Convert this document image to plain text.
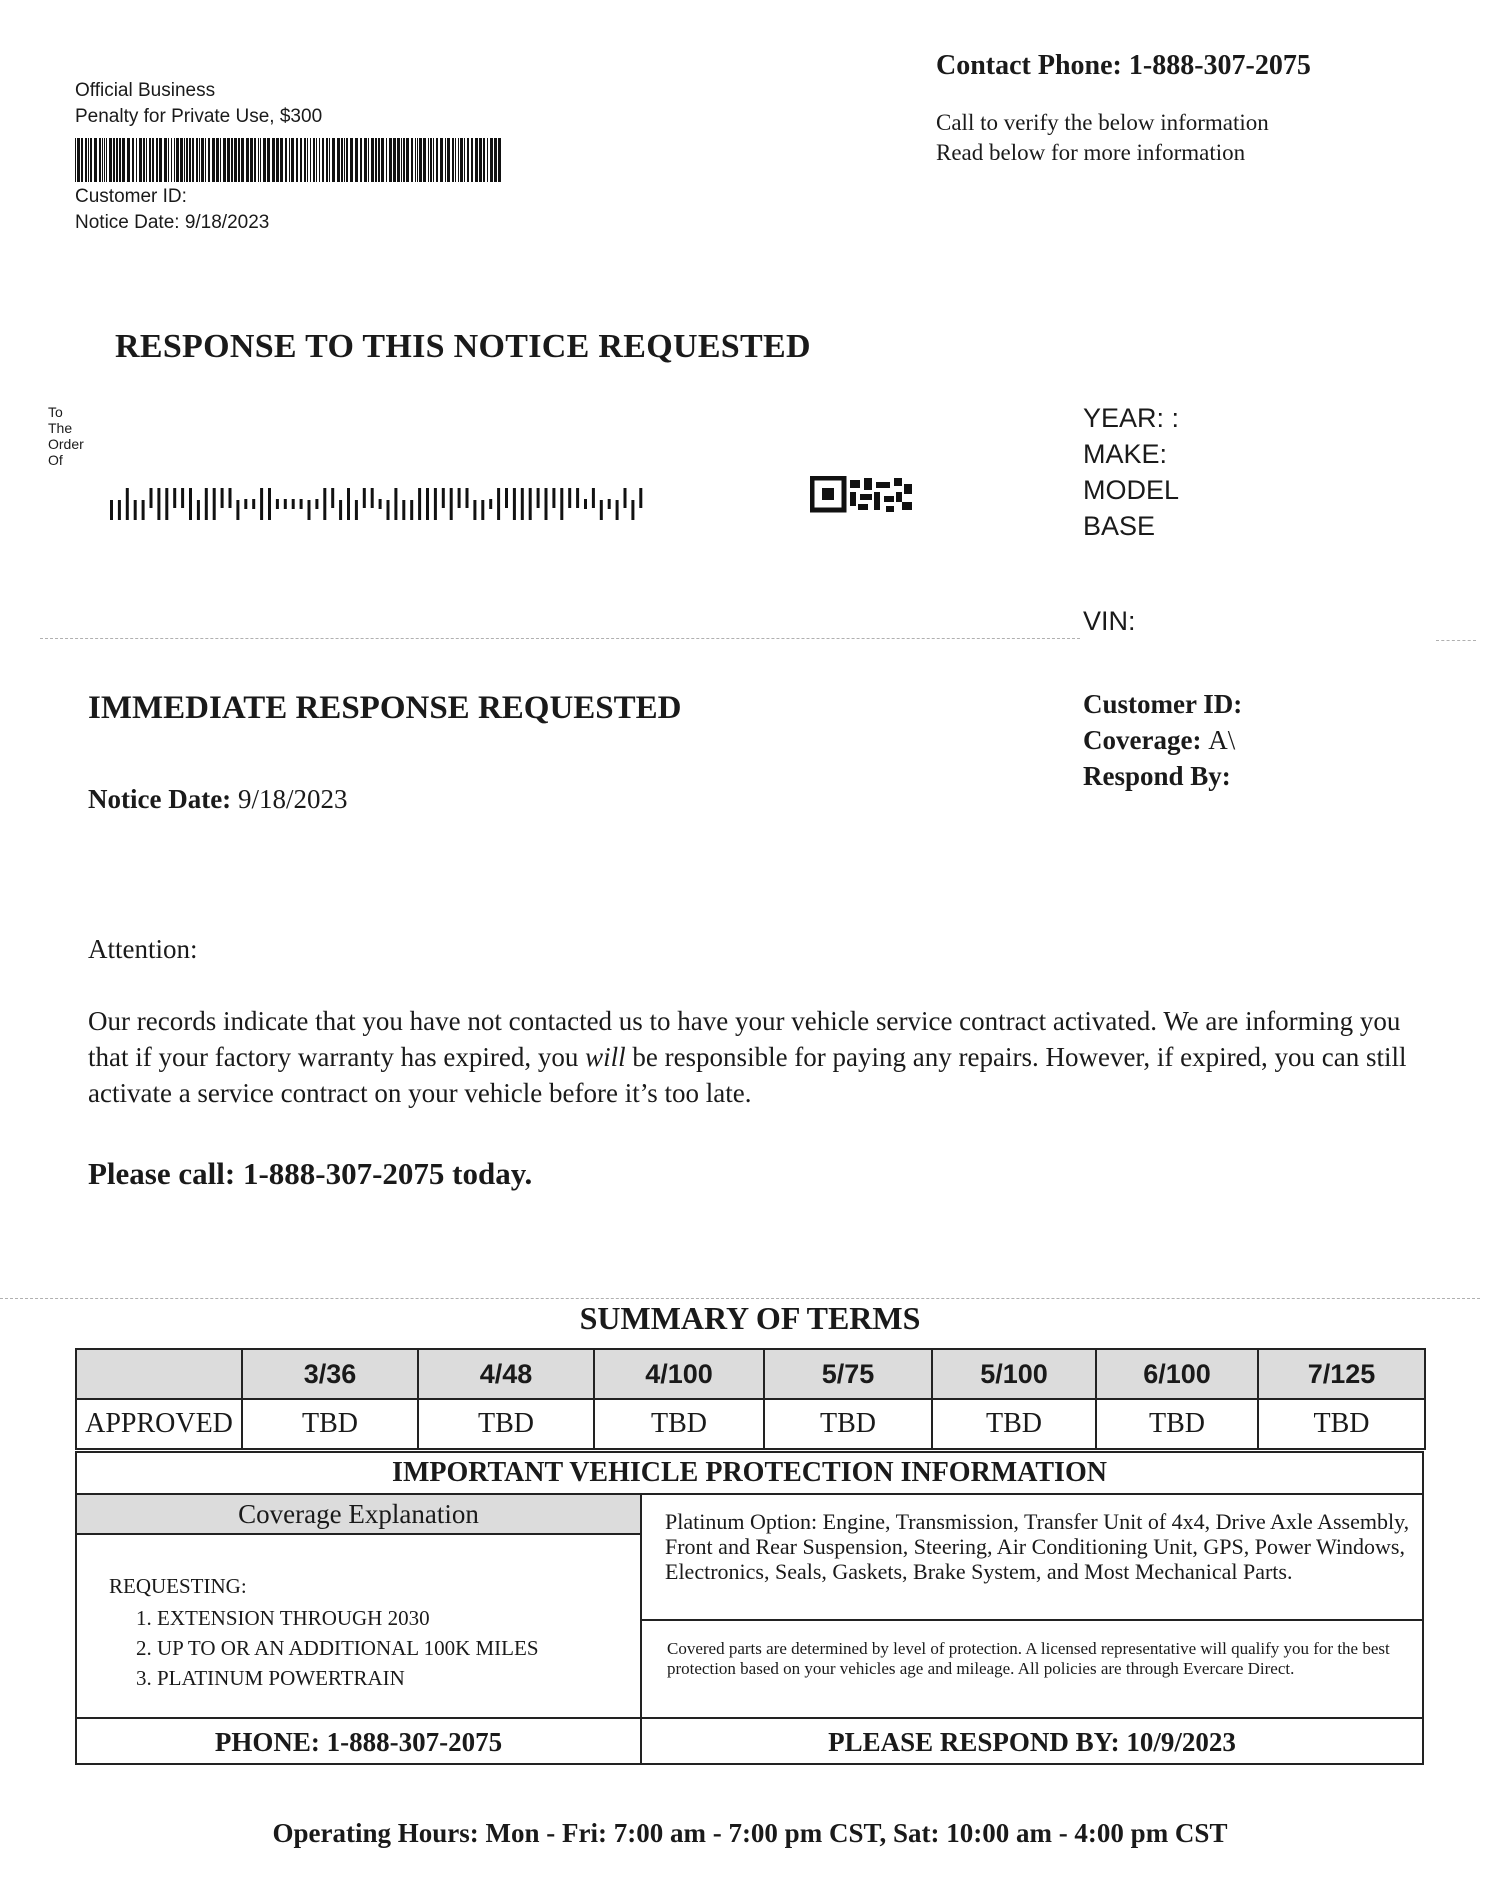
Official Business
Penalty for Private Use, $300
Customer ID:
Notice Date: 9/18/2023
Contact Phone: 1-888-307-2075
Call to verify the below information
Read below for more information
RESPONSE TO THIS NOTICE REQUESTED
To
The
Order
Of
YEAR: :
MAKE:
MODEL
BASE
VIN:
IMMEDIATE RESPONSE REQUESTED
Notice Date: 9/18/2023
Customer ID:
Coverage: A\
Respond By:
Attention:
Our records indicate that you have not contacted us to have your vehicle service contract activated. We are informing you that if your factory warranty has expired, you will be responsible for paying any repairs. However, if expired, you can still activate a service contract on your vehicle before it’s too late.
Please call: 1-888-307-2075 today.
SUMMARY OF TERMS
	3/36	4/48	4/100	5/75	5/100	6/100	7/125
APPROVED	TBD	TBD	TBD	TBD	TBD	TBD	TBD
IMPORTANT VEHICLE PROTECTION INFORMATION
Coverage Explanation
REQUESTING:
1. EXTENSION THROUGH 2030
2. UP TO OR AN ADDITIONAL 100K MILES
3. PLATINUM POWERTRAIN
Platinum Option: Engine, Transmission, Transfer Unit of 4x4, Drive Axle Assembly, Front and Rear Suspension, Steering, Air Conditioning Unit, GPS, Power Windows, Electronics, Seals, Gaskets, Brake System, and Most Mechanical Parts.
Covered parts are determined by level of protection. A licensed representative will qualify you for the best protection based on your vehicles age and mileage. All policies are through Evercare Direct.
PHONE: 1-888-307-2075	PLEASE RESPOND BY: 10/9/2023
Operating Hours: Mon - Fri: 7:00 am - 7:00 pm CST, Sat: 10:00 am - 4:00 pm CST
